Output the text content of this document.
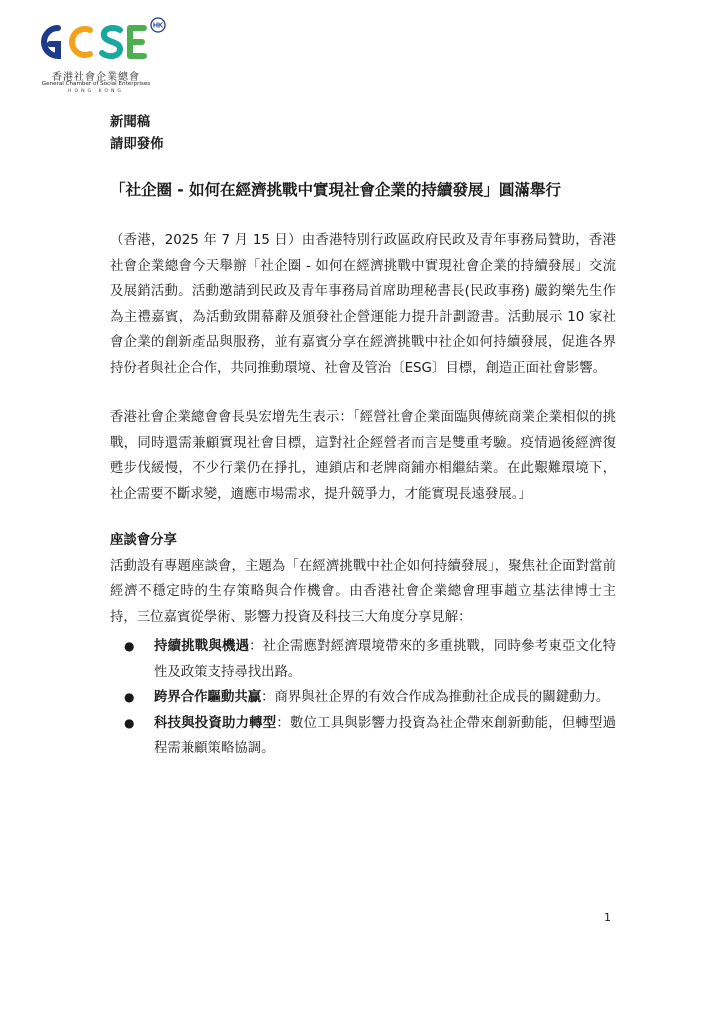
HK
香港社會企業總會
General Chamber of Social Enterprises
HONG KONG

新聞稿

請即發佈

「社企圈 - 如何在經濟挑戰中實現社會企業的持續發展」圓滿舉行

（香港，2025 年 7 月 15 日）由香港特別行政區政府民政及青年事務局贊助，香港社會企業總會今天舉辦「社企圈 - 如何在經濟挑戰中實現社會企業的持續發展」交流及展銷活動。活動邀請到民政及青年事務局首席助理秘書長(民政事務) 嚴鈞樂先生作為主禮嘉賓，為活動致開幕辭及頒發社企營運能力提升計劃證書。活動展示 10 家社會企業的創新產品與服務，並有嘉賓分享在經濟挑戰中社企如何持續發展，促進各界持份者與社企合作，共同推動環境、社會及管治〔ESG〕目標，創造正面社會影響。

香港社會企業總會會長吳宏增先生表示：「經營社會企業面臨與傳統商業企業相似的挑戰，同時還需兼顧實現社會目標，這對社企經營者而言是雙重考驗。疫情過後經濟復甦步伐緩慢，不少行業仍在掙扎，連鎖店和老牌商鋪亦相繼結業。在此艱難環境下，社企需要不斷求變，適應市場需求，提升競爭力，才能實現長遠發展。」

座談會分享

活動設有專題座談會，主題為「在經濟挑戰中社企如何持續發展」，聚焦社企面對當前經濟不穩定時的生存策略與合作機會。由香港社會企業總會理事趙立基法律博士主持，三位嘉賓從學術、影響力投資及科技三大角度分享見解：

● 持續挑戰與機遇：社企需應對經濟環境帶來的多重挑戰，同時參考東亞文化特性及政策支持尋找出路。
● 跨界合作驅動共贏：商界與社企界的有效合作成為推動社企成長的關鍵動力。
● 科技與投資助力轉型：數位工具與影響力投資為社企帶來創新動能，但轉型過程需兼顧策略協調。
1
